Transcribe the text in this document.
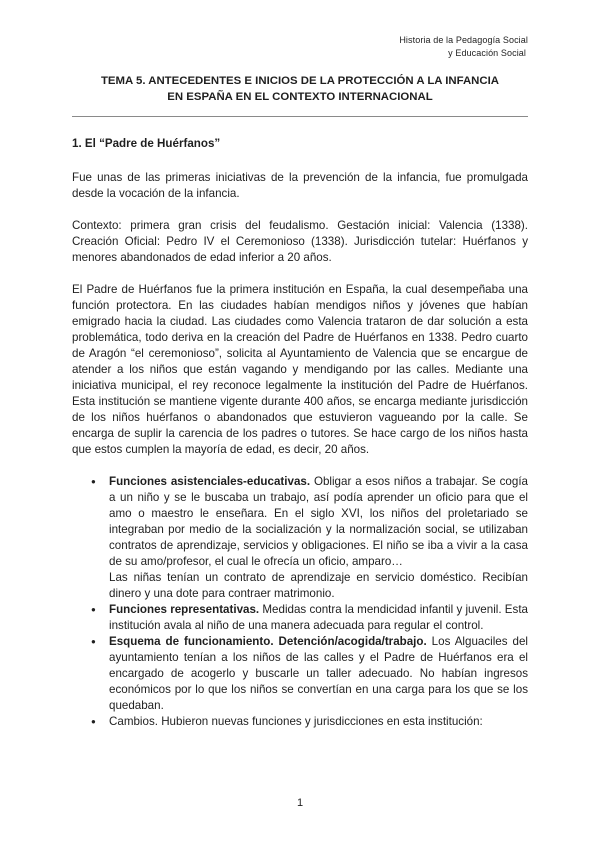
Historia de la Pedagogía Social
y Educación Social
TEMA 5. ANTECEDENTES E INICIOS DE LA PROTECCIÓN A LA INFANCIA
EN ESPAÑA EN EL CONTEXTO INTERNACIONAL
1. El “Padre de Huérfanos”

Fue unas de las primeras iniciativas de la prevención de la infancia, fue promulgada desde la vocación de la infancia.

Contexto: primera gran crisis del feudalismo. Gestación inicial: Valencia (1338). Creación Oficial: Pedro IV el Ceremonioso (1338). Jurisdicción tutelar: Huérfanos y menores abandonados de edad inferior a 20 años.

El Padre de Huérfanos fue la primera institución en España, la cual desempeñaba una función protectora. En las ciudades habían mendigos niños y jóvenes que habían emigrado hacia la ciudad. Las ciudades como Valencia trataron de dar solución a esta problemática, todo deriva en la creación del Padre de Huérfanos en 1338. Pedro cuarto de Aragón “el ceremonioso”, solicita al Ayuntamiento de Valencia que se encargue de atender a los niños que están vagando y mendigando por las calles. Mediante una iniciativa municipal, el rey reconoce legalmente la institución del Padre de Huérfanos. Esta institución se mantiene vigente durante 400 años, se encarga mediante jurisdicción de los niños huérfanos o abandonados que estuvieron vagueando por la calle. Se encarga de suplir la carencia de los padres o tutores. Se hace cargo de los niños hasta que estos cumplen la mayoría de edad, es decir, 20 años.

● Funciones asistenciales-educativas. Obligar a esos niños a trabajar. Se cogía a un niño y se le buscaba un trabajo, así podía aprender un oficio para que el amo o maestro le enseñara. En el siglo XVI, los niños del proletariado se integraban por medio de la socialización y la normalización social, se utilizaban contratos de aprendizaje, servicios y obligaciones. El niño se iba a vivir a la casa de su amo/profesor, el cual le ofrecía un oficio, amparo…
Las niñas tenían un contrato de aprendizaje en servicio doméstico. Recibían dinero y una dote para contraer matrimonio.
● Funciones representativas. Medidas contra la mendicidad infantil y juvenil. Esta institución avala al niño de una manera adecuada para regular el control.
● Esquema de funcionamiento. Detención/acogida/trabajo. Los Alguaciles del ayuntamiento tenían a los niños de las calles y el Padre de Huérfanos era el encargado de acogerlo y buscarle un taller adecuado. No habían ingresos económicos por lo que los niños se convertían en una carga para los que se los quedaban.
● Cambios. Hubieron nuevas funciones y jurisdicciones en esta institución:
1
